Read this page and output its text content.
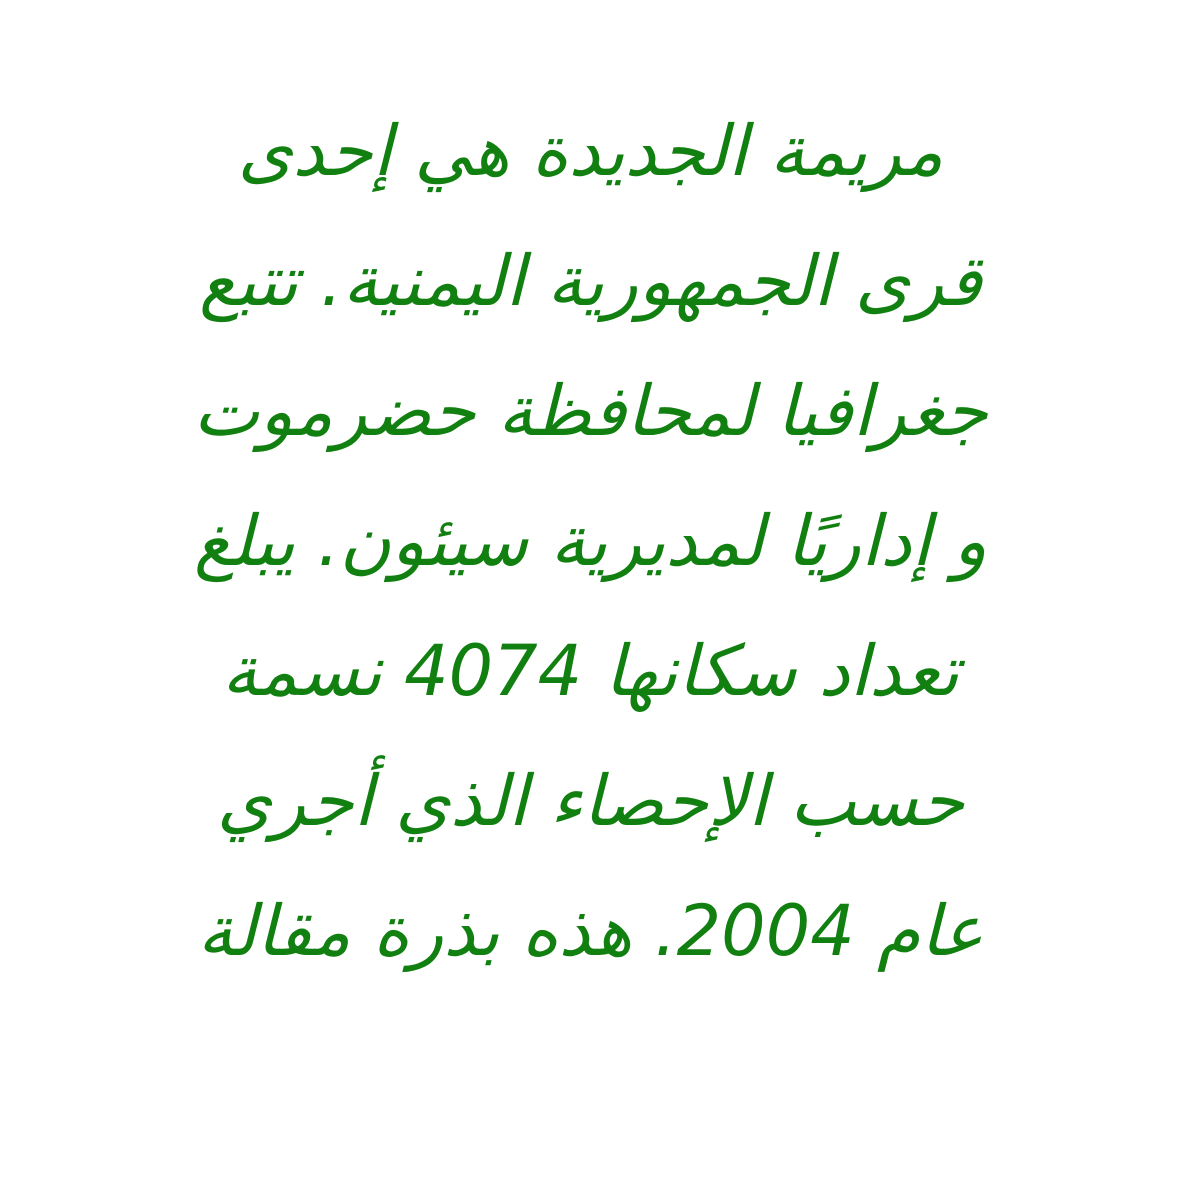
مريمة الجديدة هي إحدى
قرى الجمهورية اليمنية. تتبع
جغرافيا لمحافظة حضرموت
و إداريًا لمديرية سيئون. يبلغ
تعداد سكانها 4074 نسمة
حسب الإحصاء الذي أجري
عام 2004. هذه بذرة مقالة
